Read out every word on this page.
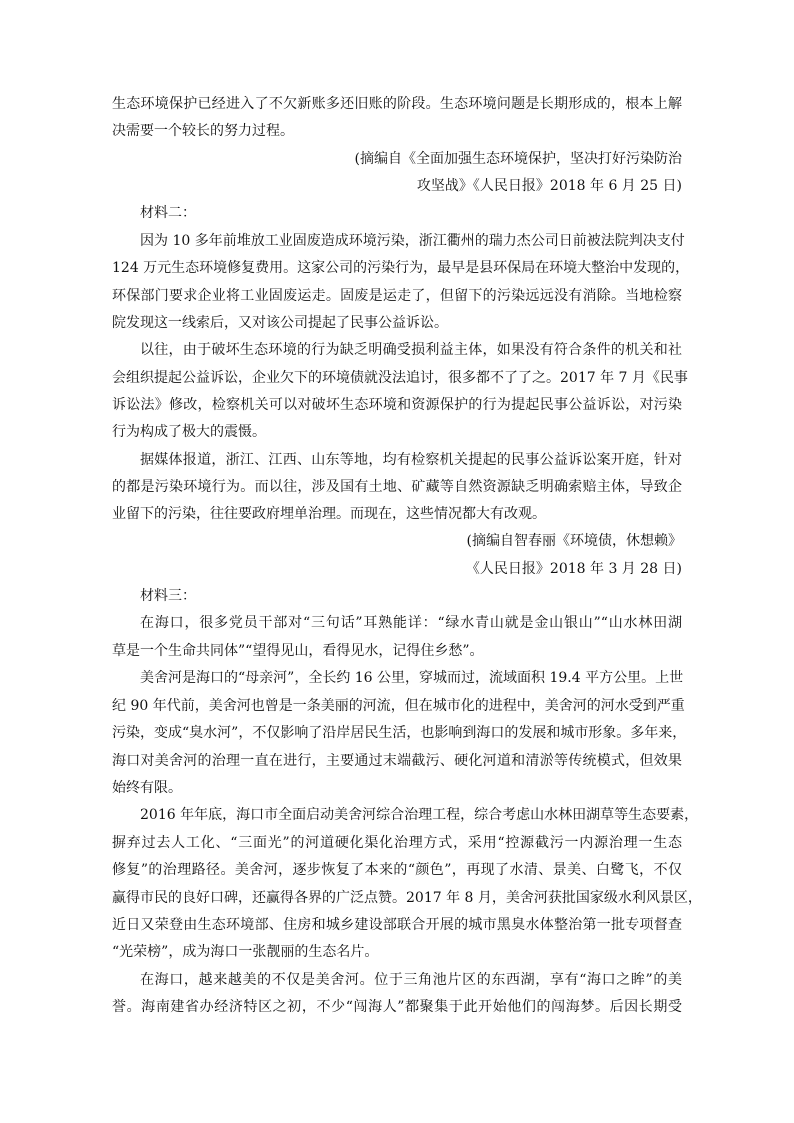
生态环境保护已经进入了不欠新账多还旧账的阶段。生态环境问题是长期形成的，根本上解
决需要一个较长的努力过程。
(摘编自《全面加强生态环境保护，坚决打好污染防治
攻坚战》《人民日报》2018 年 6 月 25 日)
材料二：
因为 10 多年前堆放工业固废造成环境污染，浙江衢州的瑞力杰公司日前被法院判决支付
124 万元生态环境修复费用。这家公司的污染行为，最早是县环保局在环境大整治中发现的，
环保部门要求企业将工业固废运走。固废是运走了，但留下的污染远远没有消除。当地检察
院发现这一线索后，又对该公司提起了民事公益诉讼。
以往，由于破坏生态环境的行为缺乏明确受损利益主体，如果没有符合条件的机关和社
会组织提起公益诉讼，企业欠下的环境债就没法追讨，很多都不了了之。2017 年 7 月《民事
诉讼法》修改，检察机关可以对破坏生态环境和资源保护的行为提起民事公益诉讼，对污染
行为构成了极大的震慑。
据媒体报道，浙江、江西、山东等地，均有检察机关提起的民事公益诉讼案开庭，针对
的都是污染环境行为。而以往，涉及国有土地、矿藏等自然资源缺乏明确索赔主体，导致企
业留下的污染，往往要政府埋单治理。而现在，这些情况都大有改观。
(摘编自智春丽《环境债，休想赖》
《人民日报》2018 年 3 月 28 日)
材料三：
在海口，很多党员干部对“三句话”耳熟能详：“绿水青山就是金山银山”“山水林田湖
草是一个生命共同体”“望得见山，看得见水，记得住乡愁”。
美舍河是海口的“母亲河”，全长约 16 公里，穿城而过，流域面积 19.4 平方公里。上世
纪 90 年代前，美舍河也曾是一条美丽的河流，但在城市化的进程中，美舍河的河水受到严重
污染，变成“臭水河”，不仅影响了沿岸居民生活，也影响到海口的发展和城市形象。多年来，
海口对美舍河的治理一直在进行，主要通过末端截污、硬化河道和清淤等传统模式，但效果
始终有限。
2016 年年底，海口市全面启动美舍河综合治理工程，综合考虑山水林田湖草等生态要素，
摒弃过去人工化、“三面光”的河道硬化渠化治理方式，采用“控源截污一内源治理一生态
修复”的治理路径。美舍河，逐步恢复了本来的“颜色”，再现了水清、景美、白鹭飞，不仅
赢得市民的良好口碑，还赢得各界的广泛点赞。2017 年 8 月，美舍河获批国家级水利风景区，
近日又荣登由生态环境部、住房和城乡建设部联合开展的城市黑臭水体整治第一批专项督查
“光荣榜”，成为海口一张靓丽的生态名片。
在海口，越来越美的不仅是美舍河。位于三角池片区的东西湖，享有“海口之眸”的美
誉。海南建省办经济特区之初，不少“闯海人”都聚集于此开始他们的闯海梦。后因长期受
